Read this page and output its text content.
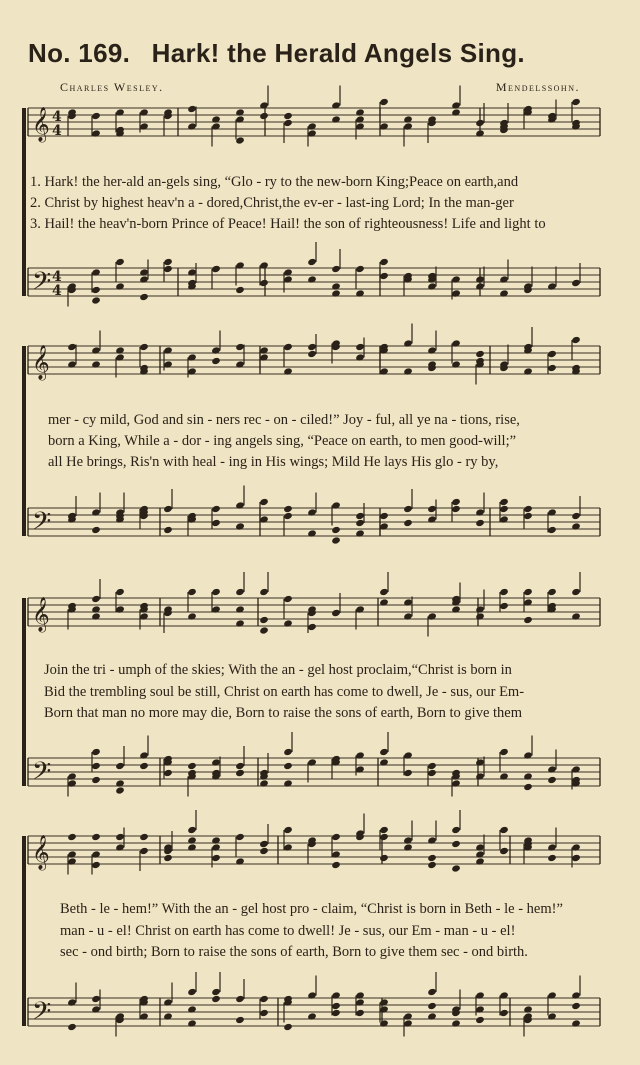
No. 169. Hark! the Herald Angels Sing.
Charles Wesley.	Mendelssohn.
𝄞 4
4
𝄢 4
4
𝄞
𝄢
𝄞
𝄢
𝄞
𝄢
1. Hark! the her-ald an-gels sing, “Glo - ry to the new-born King;Peace on earth,and
2. Christ by highest heav'n a - dored,Christ,the ev-er - last-ing Lord; In the man-ger
3. Hail! the heav'n-born Prince of Peace! Hail! the son of righteousness! Life and light to
mer - cy mild, God and sin - ners rec - on - ciled!” Joy - ful, all ye na - tions, rise,
born a King, While a - dor - ing angels sing, “Peace on earth, to men good-will;”
all He brings, Ris'n with heal - ing in His wings; Mild He lays His glo - ry by,
Join the tri - umph of the skies; With the an - gel host proclaim,“Christ is born in
Bid the trembling soul be still, Christ on earth has come to dwell, Je - sus, our Em-
Born that man no more may die, Born to raise the sons of earth, Born to give them
Beth - le - hem!” With the an - gel host pro - claim, “Christ is born in Beth - le - hem!”
man - u - el! Christ on earth has come to dwell! Je - sus, our Em - man - u - el!
sec - ond birth; Born to raise the sons of earth, Born to give them sec - ond birth.
